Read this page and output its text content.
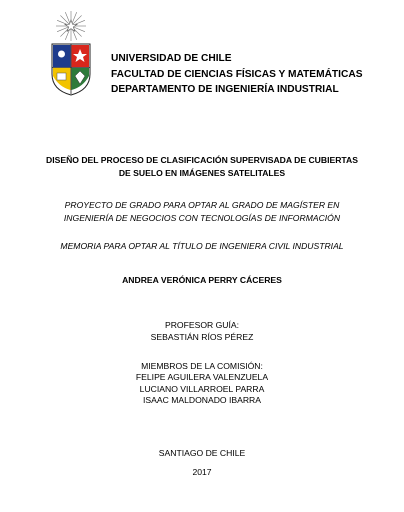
UNIVERSIDAD DE CHILE
FACULTAD DE CIENCIAS FÍSICAS Y MATEMÁTICAS
DEPARTAMENTO DE INGENIERÍA INDUSTRIAL
DISEÑO DEL PROCESO DE CLASIFICACIÓN SUPERVISADA DE CUBIERTAS
DE SUELO EN IMÁGENES SATELITALES
PROYECTO DE GRADO PARA OPTAR AL GRADO DE MAGÍSTER EN
INGENIERÍA DE NEGOCIOS CON TECNOLOGÍAS DE INFORMACIÓN
MEMORIA PARA OPTAR AL TÍTULO DE INGENIERA CIVIL INDUSTRIAL
ANDREA VERÓNICA PERRY CÁCERES
PROFESOR GUÍA:
SEBASTIÁN RÍOS PÉREZ
MIEMBROS DE LA COMISIÓN:
FELIPE AGUILERA VALENZUELA
LUCIANO VILLARROEL PARRA
ISAAC MALDONADO IBARRA
SANTIAGO DE CHILE
2017
